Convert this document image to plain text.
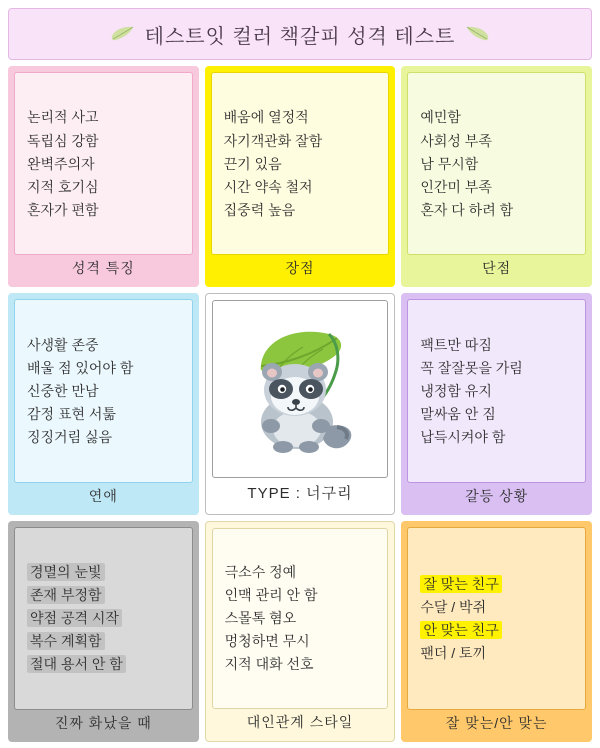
테스트잇 컬러 책갈피 성격 테스트
논리적 사고
독립심 강함
완벽주의자
지적 호기심
혼자가 편함
성격 특징
배움에 열정적
자기객관화 잘함
끈기 있음
시간 약속 철저
집중력 높음
장점
예민함
사회성 부족
남 무시함
인간미 부족
혼자 다 하려 함
단점
사생활 존중
배울 점 있어야 함
신중한 만남
감정 표현 서툶
징징거림 싫음
연애	TYPE : 너구리
팩트만 따짐
꼭 잘잘못을 가림
냉정함 유지
말싸움 안 짐
납득시켜야 함
갈등 상황
경멸의 눈빛
존재 부정함
약점 공격 시작
복수 계획함
절대 용서 안 함
진짜 화났을 때
극소수 정예
인맥 관리 안 함
스몰톡 혐오
멍청하면 무시
지적 대화 선호
대인관계 스타일
잘 맞는 친구
수달 / 박쥐
안 맞는 친구
팬더 / 토끼
잘 맞는/안 맞는
